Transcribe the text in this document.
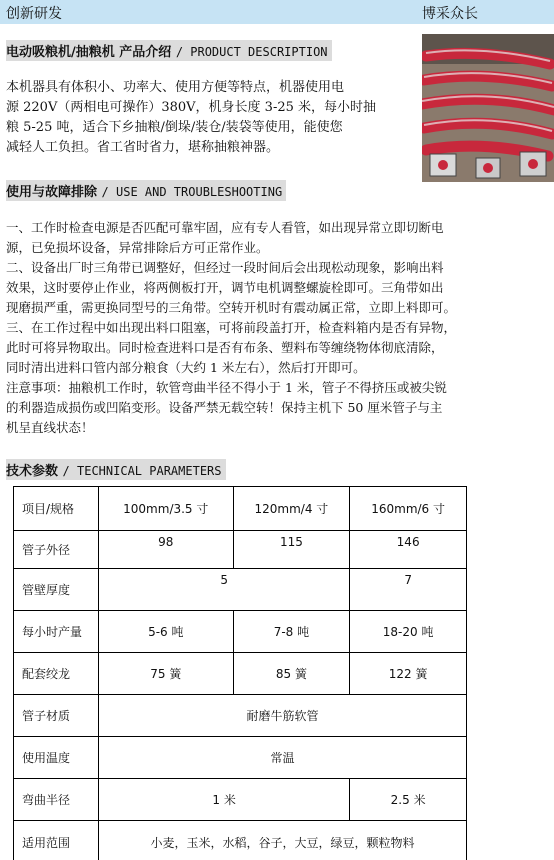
创新研发	博采众长
电动吸粮机/抽粮机 产品介绍 / PRODUCT DESCRIPTION
本机器具有体积小、功率大、使用方便等特点，机器使用电
源 220V（两相电可操作）380V，机身长度 3-25 米，每小时抽
粮 5-25 吨，适合下乡抽粮/倒垛/装仓/装袋等使用，能使您
减轻人工负担。省工省时省力，堪称抽粮神器。
使用与故障排除 / USE AND TROUBLESHOOTING
一、工作时检查电源是否匹配可靠牢固，应有专人看管，如出现异常立即切断电
源，已免损坏设备，异常排除后方可正常作业。
二、设备出厂时三角带已调整好，但经过一段时间后会出现松动现象，影响出料
效果，这时要停止作业，将两侧板打开，调节电机调整螺旋栓即可。三角带如出
现磨损严重，需更换同型号的三角带。空转开机时有震动属正常，立即上料即可。
三、在工作过程中如出现出料口阻塞，可将前段盖打开，检查料箱内是否有异物，
此时可将异物取出。同时检查进料口是否有布条、塑料布等缠绕物体彻底清除，
同时清出进料口管内部分粮食（大约 1 米左右），然后打开即可。
注意事项：抽粮机工作时，软管弯曲半径不得小于 1 米，管子不得挤压或被尖锐
的利器造成损伤或凹陷变形。设备严禁无载空转！保持主机下 50 厘米管子与主
机呈直线状态！
技术参数 / TECHNICAL PARAMETERS
项目/规格	100mm/3.5 寸	120mm/4 寸	160mm/6 寸
管子外径	98	115	146
管壁厚度	5		7
每小时产量	5-6 吨	7-8 吨	18-20 吨
配套绞龙	75 簧	85 簧	122 簧
管子材质	耐磨牛筋软管		
使用温度	常温		
弯曲半径	1 米		2.5 米
适用范围	小麦，玉米，水稻，谷子，大豆，绿豆，颗粒物料		
